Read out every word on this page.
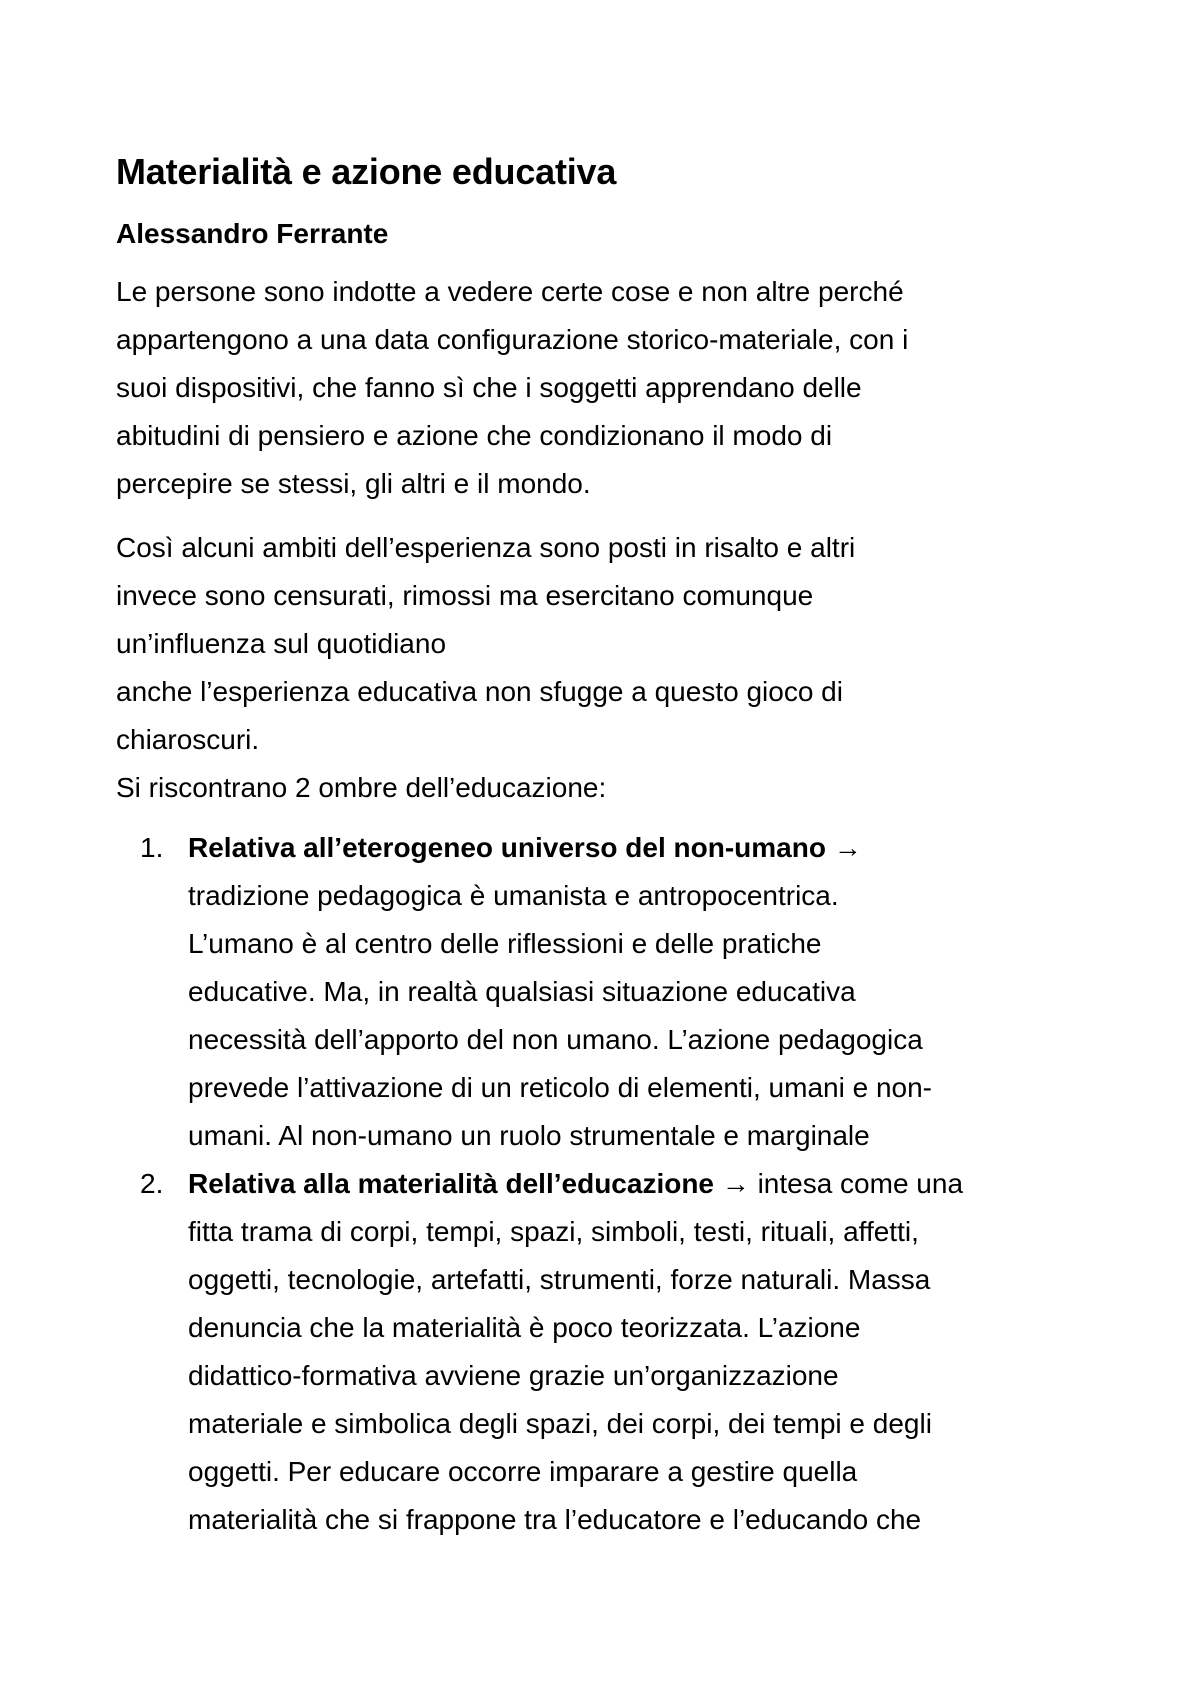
Materialità e azione educativa
Alessandro Ferrante
Le persone sono indotte a vedere certe cose e non altre perché
appartengono a una data configurazione storico-materiale, con i
suoi dispositivi, che fanno sì che i soggetti apprendano delle
abitudini di pensiero e azione che condizionano il modo di
percepire se stessi, gli altri e il mondo.
Così alcuni ambiti dell’esperienza sono posti in risalto e altri
invece sono censurati, rimossi ma esercitano comunque
un’influenza sul quotidiano
anche l’esperienza educativa non sfugge a questo gioco di
chiaroscuri.
Si riscontrano 2 ombre dell’educazione:
1. Relativa all’eterogeneo universo del non-umano →
tradizione pedagogica è umanista e antropocentrica.
L’umano è al centro delle riflessioni e delle pratiche
educative. Ma, in realtà qualsiasi situazione educativa
necessità dell’apporto del non umano. L’azione pedagogica
prevede l’attivazione di un reticolo di elementi, umani e non-
umani. Al non-umano un ruolo strumentale e marginale
2. Relativa alla materialità dell’educazione → intesa come una
fitta trama di corpi, tempi, spazi, simboli, testi, rituali, affetti,
oggetti, tecnologie, artefatti, strumenti, forze naturali. Massa
denuncia che la materialità è poco teorizzata. L’azione
didattico-formativa avviene grazie un’organizzazione
materiale e simbolica degli spazi, dei corpi, dei tempi e degli
oggetti. Per educare occorre imparare a gestire quella
materialità che si frappone tra l’educatore e l’educando che
